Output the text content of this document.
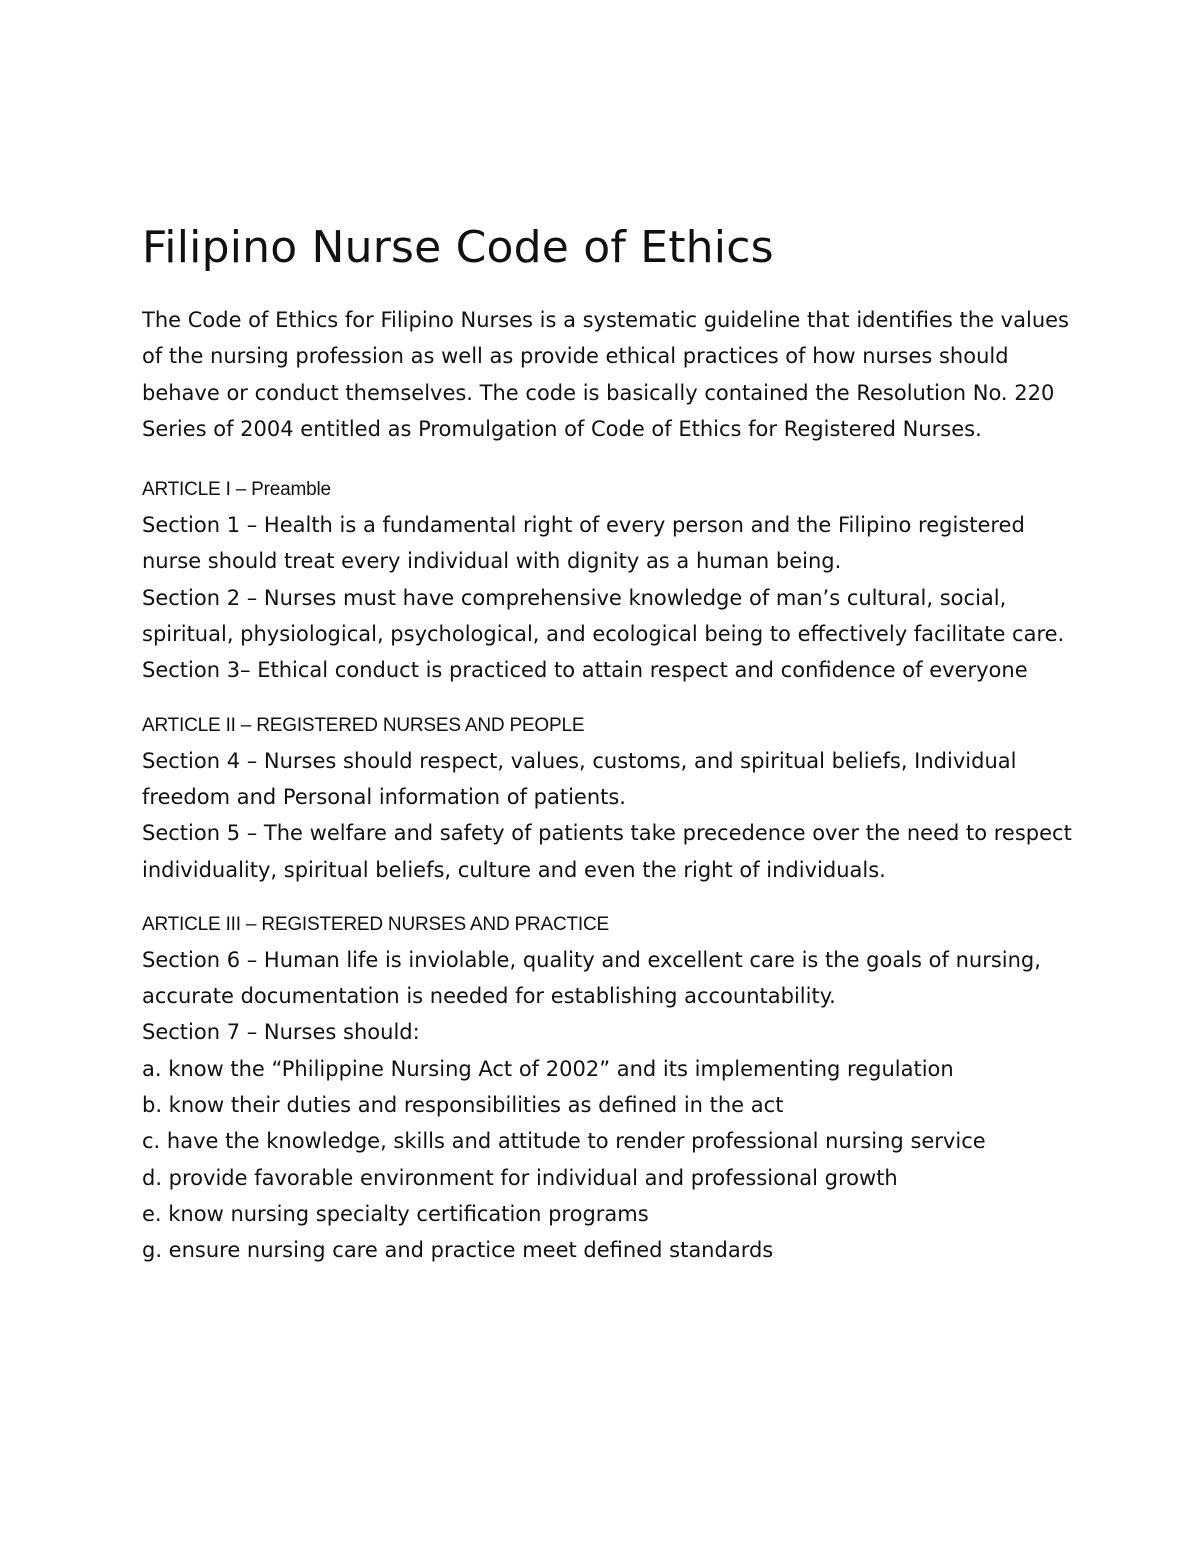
Filipino Nurse Code of Ethics

The Code of Ethics for Filipino Nurses is a systematic guideline that identifies the values of the nursing profession as well as provide ethical practices of how nurses should behave or conduct themselves. The code is basically contained the Resolution No. 220 Series of 2004 entitled as Promulgation of Code of Ethics for Registered Nurses.

ARTICLE I – Preamble

Section 1 – Health is a fundamental right of every person and the Filipino registered nurse should treat every individual with dignity as a human being.

Section 2 – Nurses must have comprehensive knowledge of man’s cultural, social, spiritual, physiological, psychological, and ecological being to effectively facilitate care.

Section 3– Ethical conduct is practiced to attain respect and confidence of everyone

ARTICLE II – REGISTERED NURSES AND PEOPLE

Section 4 – Nurses should respect, values, customs, and spiritual beliefs, Individual freedom and Personal information of patients.

Section 5 – The welfare and safety of patients take precedence over the need to respect individuality, spiritual beliefs, culture and even the right of individuals.

ARTICLE III – REGISTERED NURSES AND PRACTICE

Section 6 – Human life is inviolable, quality and excellent care is the goals of nursing, accurate documentation is needed for establishing accountability.

Section 7 – Nurses should:

a. know the “Philippine Nursing Act of 2002” and its implementing regulation

b. know their duties and responsibilities as defined in the act

c. have the knowledge, skills and attitude to render professional nursing service

d. provide favorable environment for individual and professional growth

e. know nursing specialty certification programs

g. ensure nursing care and practice meet defined standards
